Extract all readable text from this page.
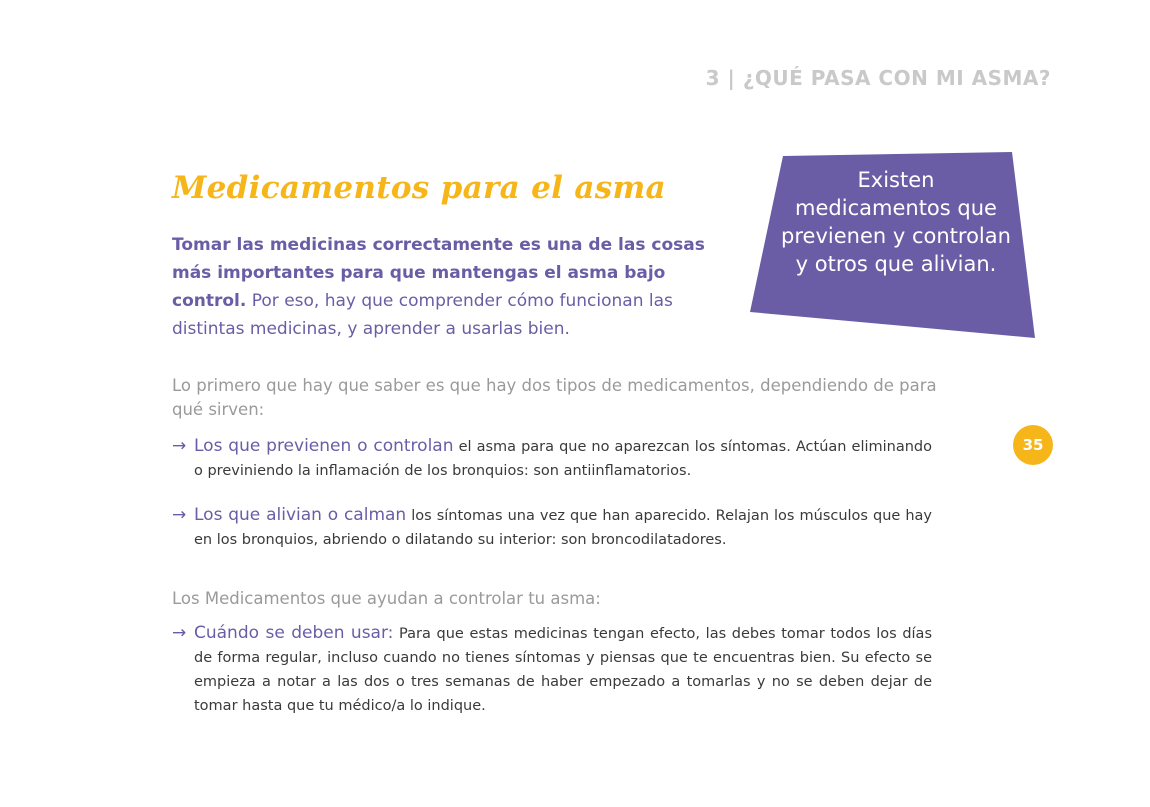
3 | ¿QUÉ PASA CON MI ASMA?
Medicamentos para el asma
Tomar las medicinas correctamente es una de las cosas más importantes para que mantengas el asma bajo control. Por eso, hay que comprender cómo funcionan las distintas medicinas, y aprender a usarlas bien.
Existen medicamentos que previenen y controlan y otros que alivian.
35
Lo primero que hay que saber es que hay dos tipos de medicamentos, dependiendo de para qué sirven:
→ Los que previenen o controlan el asma para que no aparezcan los síntomas. Actúan eliminando o previniendo la inflamación de los bronquios: son antiinflamatorios.
→ Los que alivian o calman los síntomas una vez que han aparecido. Relajan los músculos que hay en los bronquios, abriendo o dilatando su interior: son broncodilatadores.
Los Medicamentos que ayudan a controlar tu asma:
→ Cuándo se deben usar: Para que estas medicinas tengan efecto, las debes tomar todos los días de forma regular, incluso cuando no tienes síntomas y piensas que te encuentras bien. Su efecto se empieza a notar a las dos o tres semanas de haber empezado a tomarlas y no se deben dejar de tomar hasta que tu médico/a lo indique.
